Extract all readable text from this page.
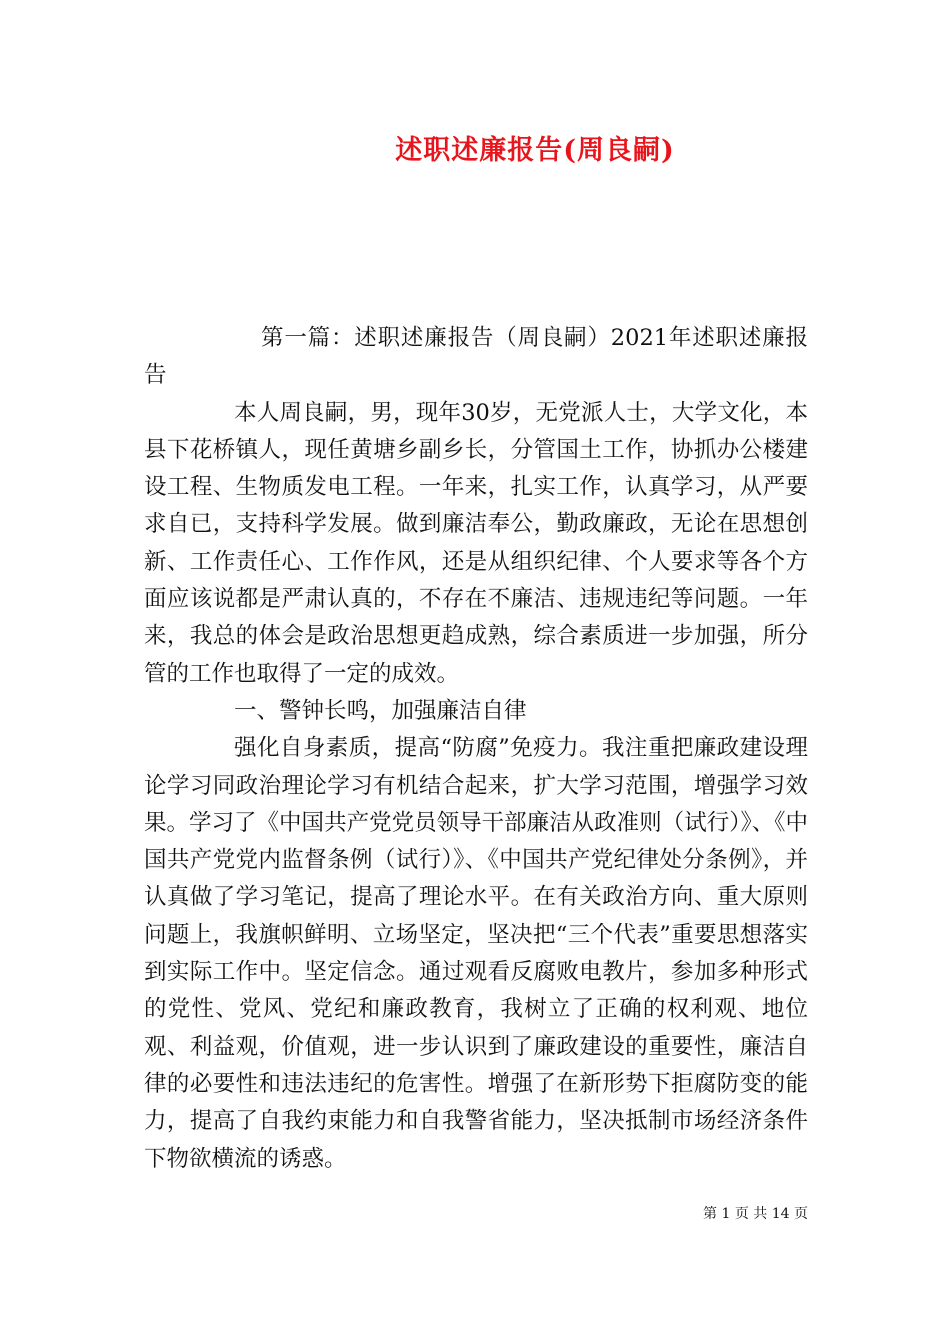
述职述廉报告(周良嗣)

第一篇：述职述廉报告（周良嗣）2021年述职述廉报告

本人周良嗣，男，现年30岁，无党派人士，大学文化，本县下花桥镇人，现任黄塘乡副乡长，分管国土工作，协抓办公楼建设工程、生物质发电工程。一年来，扎实工作，认真学习，从严要求自已，支持科学发展。做到廉洁奉公，勤政廉政，无论在思想创新、工作责任心、工作作风，还是从组织纪律、个人要求等各个方面应该说都是严肃认真的，不存在不廉洁、违规违纪等问题。一年来，我总的体会是政治思想更趋成熟，综合素质进一步加强，所分管的工作也取得了一定的成效。

一、警钟长鸣，加强廉洁自律

强化自身素质，提高“防腐”免疫力。我注重把廉政建设理论学习同政治理论学习有机结合起来，扩大学习范围，增强学习效果。学习了《中国共产党党员领导干部廉洁从政准则（试行）》、《中国共产党党内监督条例（试行）》、《中国共产党纪律处分条例》，并认真做了学习笔记，提高了理论水平。在有关政治方向、重大原则问题上，我旗帜鲜明、立场坚定，坚决把“三个代表”重要思想落实到实际工作中。坚定信念。通过观看反腐败电教片，参加多种形式的党性、党风、党纪和廉政教育，我树立了正确的权利观、地位观、利益观，价值观，进一步认识到了廉政建设的重要性，廉洁自律的必要性和违法违纪的危害性。增强了在新形势下拒腐防变的能力，提高了自我约束能力和自我警省能力，坚决抵制市场经济条件下物欲横流的诱惑。

第 1 页 共 14 页
